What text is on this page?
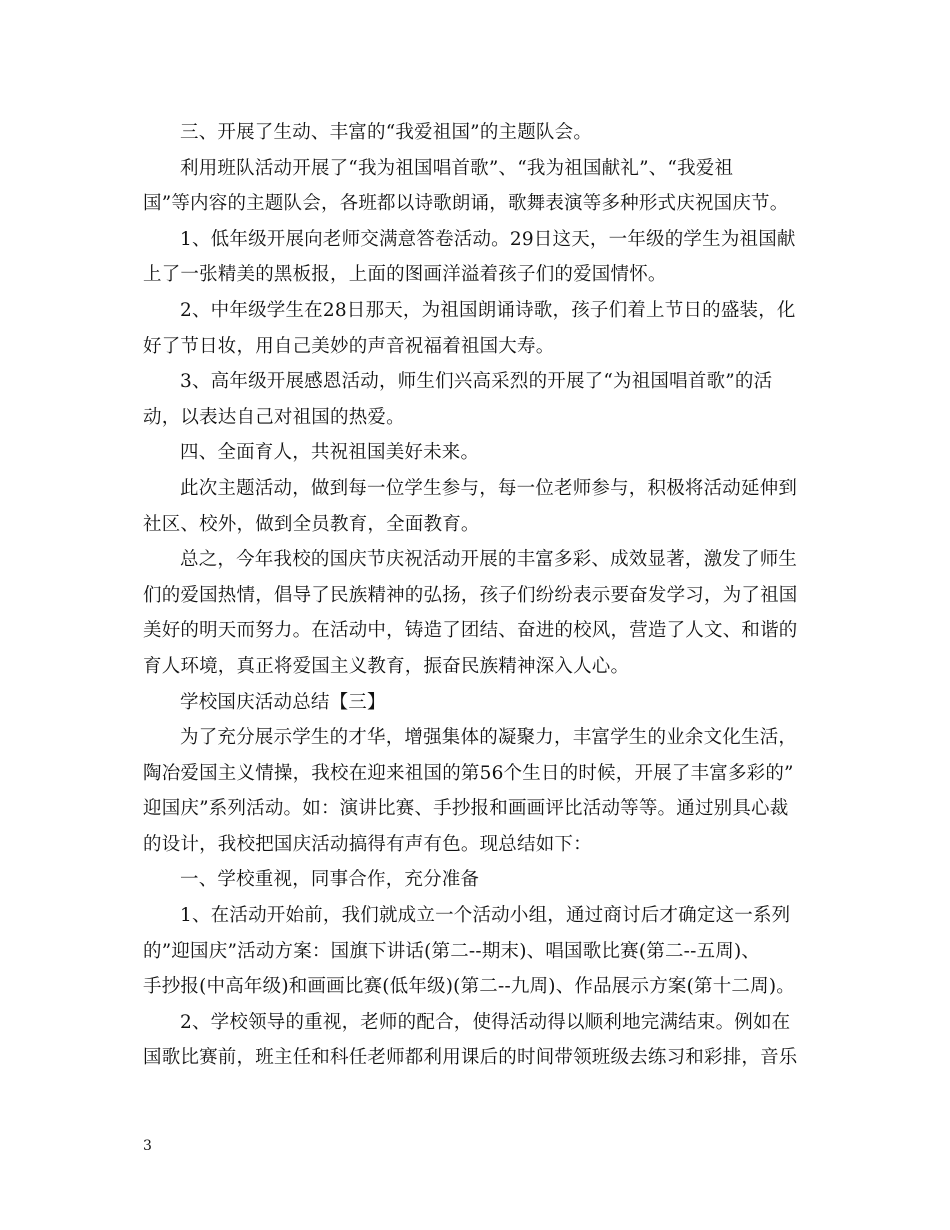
三、开展了生动、丰富的“我爱祖国”的主题队会。
利用班队活动开展了“我为祖国唱首歌”、“我为祖国献礼”、“我爱祖
国”等内容的主题队会，各班都以诗歌朗诵，歌舞表演等多种形式庆祝国庆节。
1、低年级开展向老师交满意答卷活动。29日这天，一年级的学生为祖国献
上了一张精美的黑板报，上面的图画洋溢着孩子们的爱国情怀。
2、中年级学生在28日那天，为祖国朗诵诗歌，孩子们着上节日的盛装，化
好了节日妆，用自己美妙的声音祝福着祖国大寿。
3、高年级开展感恩活动，师生们兴高采烈的开展了“为祖国唱首歌”的活
动，以表达自己对祖国的热爱。
四、全面育人，共祝祖国美好未来。
此次主题活动，做到每一位学生参与，每一位老师参与，积极将活动延伸到
社区、校外，做到全员教育，全面教育。
总之，今年我校的国庆节庆祝活动开展的丰富多彩、成效显著，激发了师生
们的爱国热情，倡导了民族精神的弘扬，孩子们纷纷表示要奋发学习，为了祖国
美好的明天而努力。在活动中，铸造了团结、奋进的校风，营造了人文、和谐的
育人环境，真正将爱国主义教育，振奋民族精神深入人心。
学校国庆活动总结【三】
为了充分展示学生的才华，增强集体的凝聚力，丰富学生的业余文化生活，
陶冶爱国主义情操，我校在迎来祖国的第56个生日的时候，开展了丰富多彩的”
迎国庆”系列活动。如：演讲比赛、手抄报和画画评比活动等等。通过别具心裁
的设计，我校把国庆活动搞得有声有色。现总结如下：
一、学校重视，同事合作，充分准备
1、在活动开始前，我们就成立一个活动小组，通过商讨后才确定这一系列
的”迎国庆”活动方案：国旗下讲话(第二--期末)、唱国歌比赛(第二--五周)、
手抄报(中高年级)和画画比赛(低年级)(第二--九周)、作品展示方案(第十二周)。
2、学校领导的重视，老师的配合，使得活动得以顺利地完满结束。例如在
国歌比赛前，班主任和科任老师都利用课后的时间带领班级去练习和彩排，音乐
3
